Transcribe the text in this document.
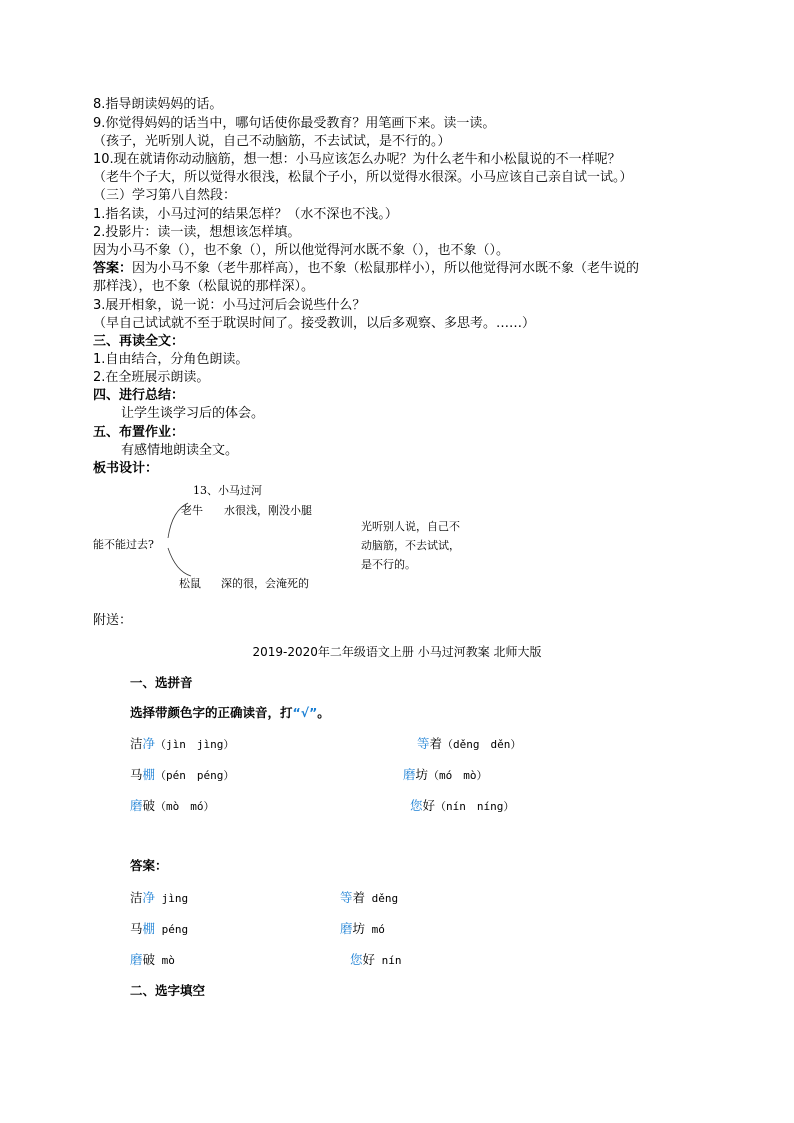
8.指导朗读妈妈的话。
9.你觉得妈妈的话当中，哪句话使你最受教育？用笔画下来。读一读。
（孩子，光听别人说，自己不动脑筋，不去试试，是不行的。）
10.现在就请你动动脑筋，想一想：小马应该怎么办呢？为什么老牛和小松鼠说的不一样呢？
（老牛个子大，所以觉得水很浅，松鼠个子小，所以觉得水很深。小马应该自己亲自试一试。）
（三）学习第八自然段：
1.指名读，小马过河的结果怎样？（水不深也不浅。）
2.投影片：读一读，想想该怎样填。
因为小马不象（），也不象（），所以他觉得河水既不象（），也不象（）。
答案：因为小马不象（老牛那样高），也不象（松鼠那样小），所以他觉得河水既不象（老牛说的
那样浅），也不象（松鼠说的那样深）。
3.展开相象，说一说：小马过河后会说些什么？
（早自己试试就不至于耽误时间了。接受教训，以后多观察、多思考。……）
三、再读全文：
1.自由结合，分角色朗读。
2.在全班展示朗读。
四、进行总结：
让学生谈学习后的体会。
五、布置作业：
有感情地朗读全文。
板书设计：
13、小马过河
能不能过去?
老牛 水很浅，刚没小腿
松鼠 深的很，会淹死的
光听别人说，自己不
动脑筋，不去试试，
是不行的。
附送：
2019-2020年二年级语文上册 小马过河教案 北师大版
一、选拼音
选择带颜色字的正确读音，打“√”。
洁净（jìn　jìng）	等着（děng　děn）
马棚（pén　péng）	磨坊（mó　mò）
磨破（mò　mó）	您好（nín　níng）
答案：
洁净 jìng	等着 děng
马棚 péng	磨坊 mó
磨破 mò	您好 nín
二、选字填空
